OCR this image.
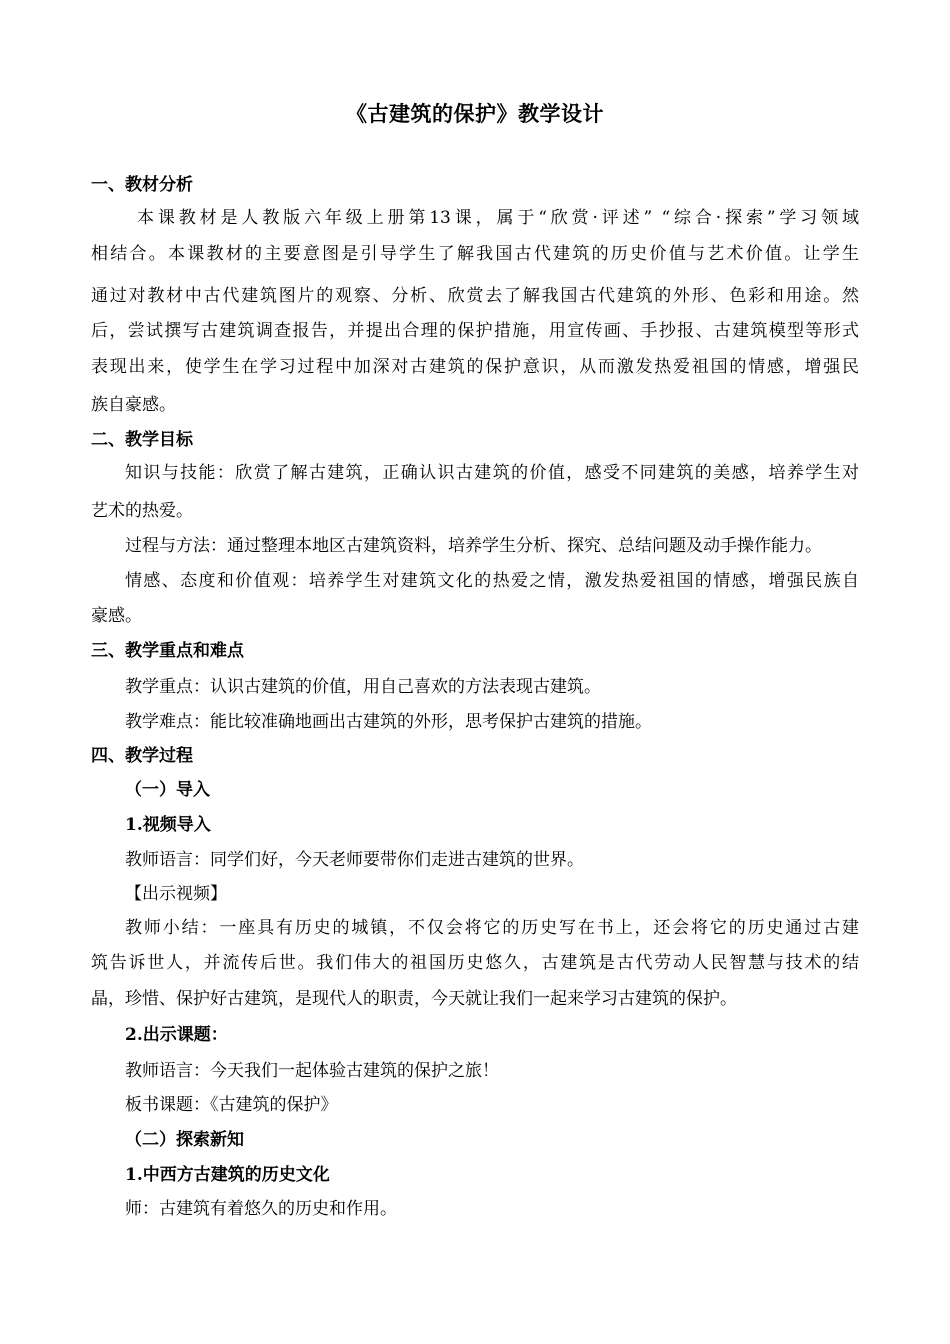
《古建筑的保护》教学设计
一、教材分析
本课教材是人教版六年级上册第13课，属于“欣赏·评述” “综合·探索”学习领域
相结合。本课教材的主要意图是引导学生了解我国古代建筑的历史价值与艺术价值。让学生
通过对教材中古代建筑图片的观察、分析、欣赏去了解我国古代建筑的外形、色彩和用途。然
后，尝试撰写古建筑调查报告，并提出合理的保护措施，用宣传画、手抄报、古建筑模型等形式
表现出来，使学生在学习过程中加深对古建筑的保护意识，从而激发热爱祖国的情感，增强民
族自豪感。
二、教学目标
知识与技能：欣赏了解古建筑，正确认识古建筑的价值，感受不同建筑的美感，培养学生对
艺术的热爱。
过程与方法：通过整理本地区古建筑资料，培养学生分析、探究、总结问题及动手操作能力。
情感、态度和价值观：培养学生对建筑文化的热爱之情，激发热爱祖国的情感，增强民族自
豪感。
三、教学重点和难点
教学重点：认识古建筑的价值，用自己喜欢的方法表现古建筑。
教学难点：能比较准确地画出古建筑的外形，思考保护古建筑的措施。
四、教学过程
（一）导入
1.视频导入
教师语言：同学们好，今天老师要带你们走进古建筑的世界。
【出示视频】
教师小结：一座具有历史的城镇，不仅会将它的历史写在书上，还会将它的历史通过古建
筑告诉世人，并流传后世。我们伟大的祖国历史悠久，古建筑是古代劳动人民智慧与技术的结
晶，珍惜、保护好古建筑，是现代人的职责，今天就让我们一起来学习古建筑的保护。
2.出示课题：
教师语言：今天我们一起体验古建筑的保护之旅！
板书课题：《古建筑的保护》
（二）探索新知
1.中西方古建筑的历史文化
师：古建筑有着悠久的历史和作用。
